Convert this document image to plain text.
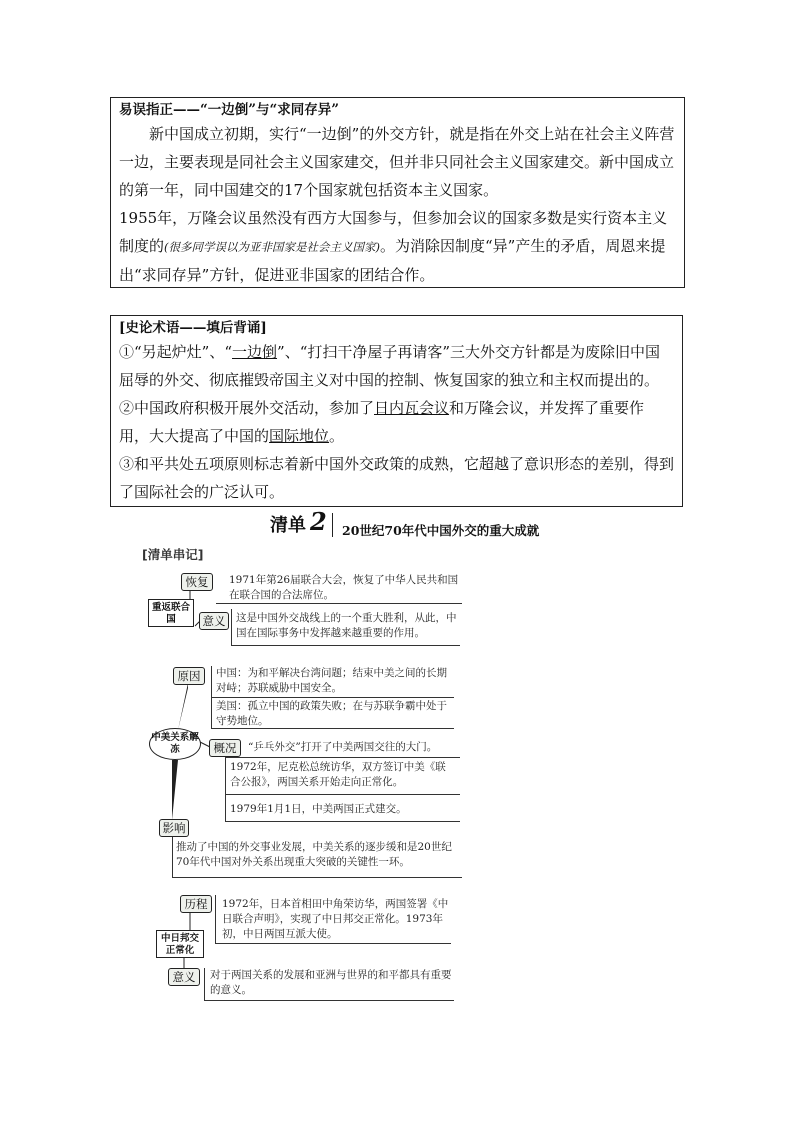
易误指正——“一边倒”与“求同存异”

新中国成立初期，实行“一边倒”的外交方针，就是指在外交上站在社会主义阵营一边，主要表现是同社会主义国家建交，但并非只同社会主义国家建交。新中国成立的第一年，同中国建交的17个国家就包括资本主义国家。

1955年，万隆会议虽然没有西方大国参与，但参加会议的国家多数是实行资本主义制度的(很多同学误以为亚非国家是社会主义国家)。为消除因制度“异”产生的矛盾，周恩来提出“求同存异”方针，促进亚非国家的团结合作。

[史论术语——填后背诵]

①“另起炉灶”、“一边倒”、“打扫干净屋子再请客”三大外交方针都是为废除旧中国屈辱的外交、彻底摧毁帝国主义对中国的控制、恢复国家的独立和主权而提出的。

②中国政府积极开展外交活动，参加了日内瓦会议和万隆会议，并发挥了重要作用，大大提高了中国的国际地位。

③和平共处五项原则标志着新中国外交政策的成熟，它超越了意识形态的差别，得到了国际社会的广泛认可。

清单 2 20世纪70年代中国外交的重大成就
[清单串记]
恢复	1971年第26届联合大会，恢复了中华人民共和国在联合国的合法席位。
重返联合国	意义	这是中国外交战线上的一个重大胜利，从此，中国在国际事务中发挥越来越重要的作用。
原因	中国：为和平解决台湾问题；结束中美之间的长期对峙；苏联威胁中国安全。
美国：孤立中国的政策失败；在与苏联争霸中处于守势地位。
中美关系解冻	概况	“乒乓外交”打开了中美两国交往的大门。
1972年，尼克松总统访华，双方签订中美《联合公报》，两国关系开始走向正常化。
1979年1月1日，中美两国正式建交。
影响
推动了中国的外交事业发展，中美关系的逐步缓和是20世纪70年代中国对外关系出现重大突破的关键性一环。
历程	1972年，日本首相田中角荣访华，两国签署《中日联合声明》，实现了中日邦交正常化。1973年初，中日两国互派大使。
中日邦交正常化
意义	对于两国关系的发展和亚洲与世界的和平都具有重要的意义。
